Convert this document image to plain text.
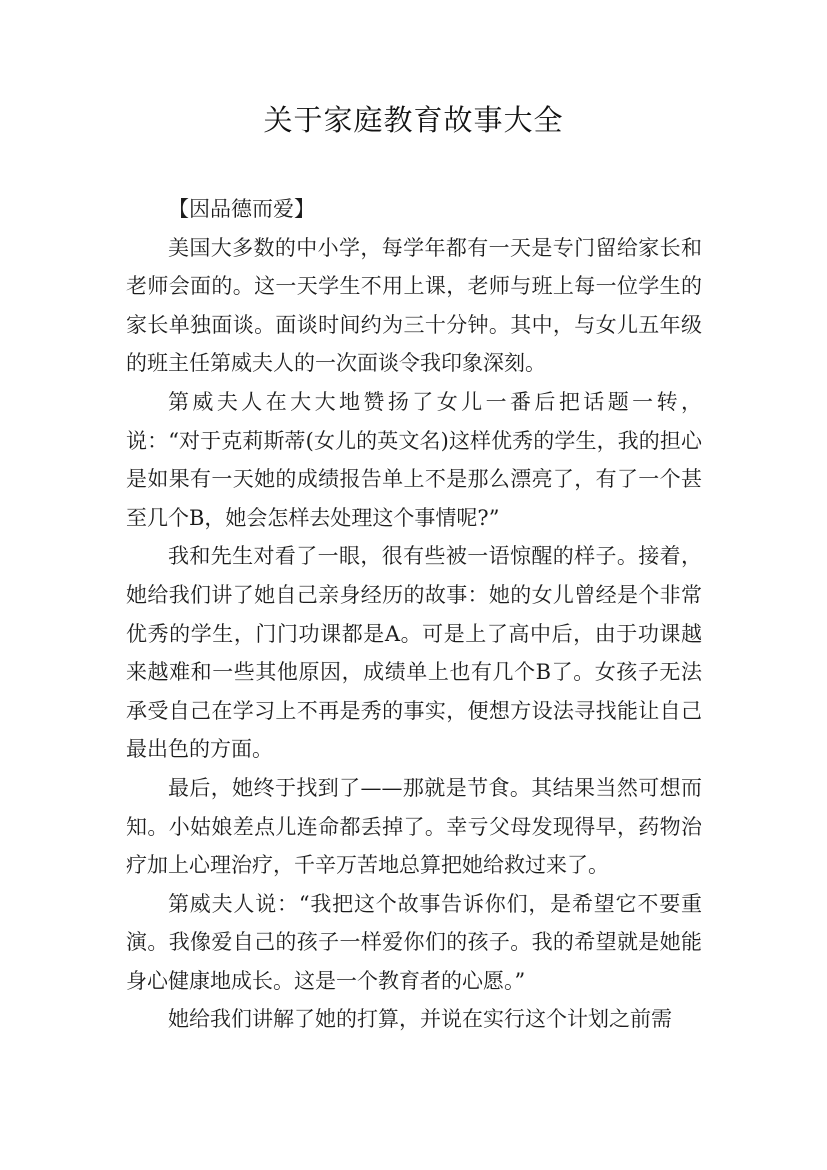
关于家庭教育故事大全

【因品德而爱】

美国大多数的中小学，每学年都有一天是专门留给家长和老师会面的。这一天学生不用上课，老师与班上每一位学生的家长单独面谈。面谈时间约为三十分钟。其中，与女儿五年级的班主任第威夫人的一次面谈令我印象深刻。

第威夫人在大大地赞扬了女儿一番后把话题一转，说：“对于克莉斯蒂(女儿的英文名)这样优秀的学生，我的担心是如果有一天她的成绩报告单上不是那么漂亮了，有了一个甚至几个B，她会怎样去处理这个事情呢?”

我和先生对看了一眼，很有些被一语惊醒的样子。接着，她给我们讲了她自己亲身经历的故事：她的女儿曾经是个非常优秀的学生，门门功课都是A。可是上了高中后，由于功课越来越难和一些其他原因，成绩单上也有几个B了。女孩子无法承受自己在学习上不再是秀的事实，便想方设法寻找能让自己最出色的方面。

最后，她终于找到了——那就是节食。其结果当然可想而知。小姑娘差点儿连命都丢掉了。幸亏父母发现得早，药物治疗加上心理治疗，千辛万苦地总算把她给救过来了。

第威夫人说：“我把这个故事告诉你们，是希望它不要重演。我像爱自己的孩子一样爱你们的孩子。我的希望就是她能身心健康地成长。这是一个教育者的心愿。”

她给我们讲解了她的打算，并说在实行这个计划之前需
